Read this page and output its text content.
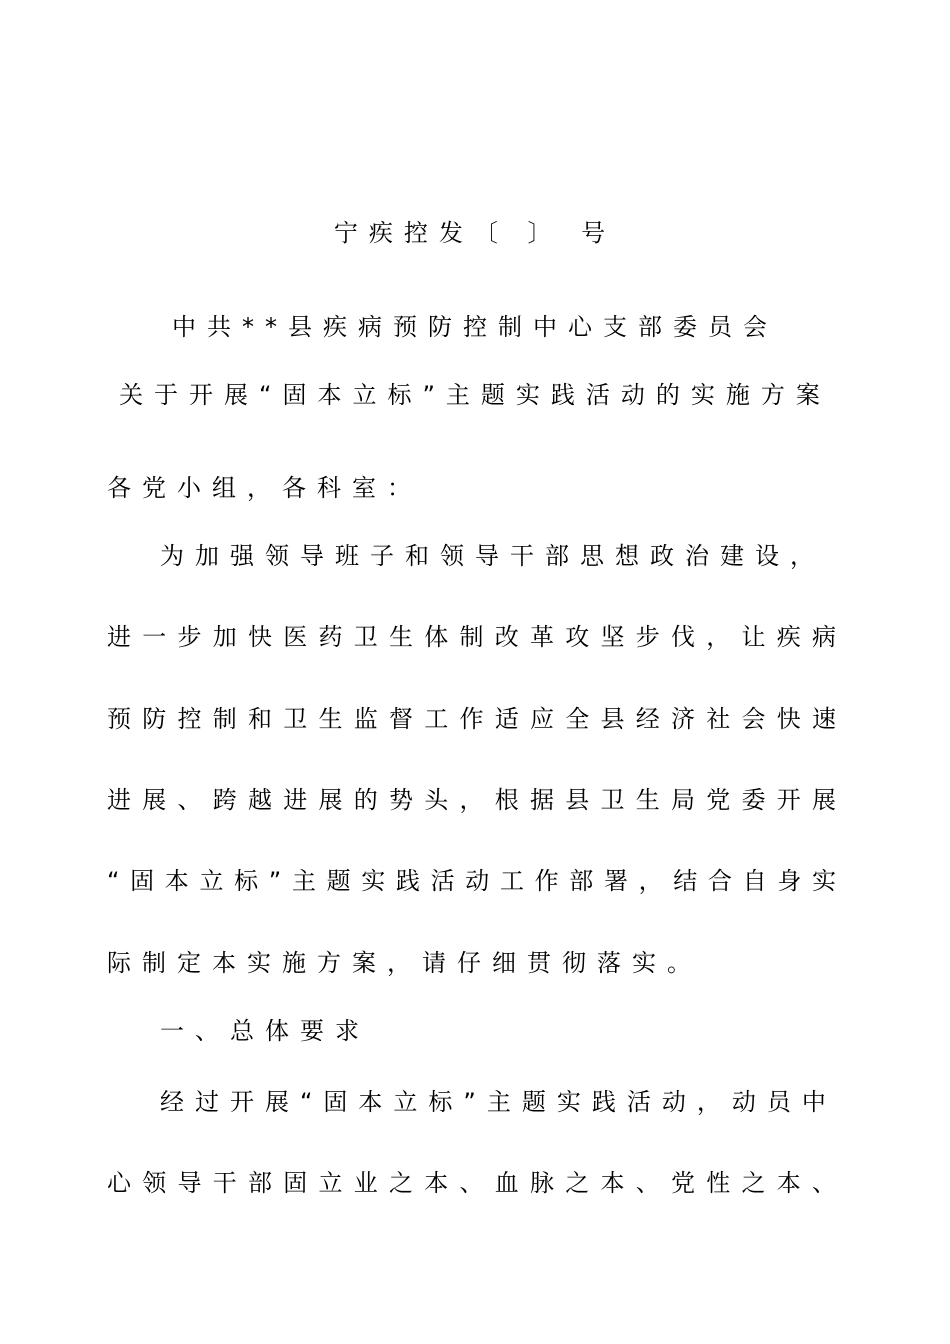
宁疾控发〔 〕 号
中共**县疾病预防控制中心支部委员会
关于开展“固本立标”主题实践活动的实施方案
各党小组，各科室：
为加强领导班子和领导干部思想政治建设，
进 一 步 加 快 医 药 卫 生 体 制 改 革 攻 坚 步 伐 ， 让 疾 病
预 防 控 制 和 卫 生 监 督 工 作 适 应 全 县 经 济 社 会 快 速
进 展 、 跨 越 进 展 的 势 头 ， 根 据 县 卫 生 局 党 委 开 展
“ 固 本 立 标 ” 主 题 实 践 活 动 工 作 部 署 ， 结 合 自 身 实
际制定本实施方案，请仔细贯彻落实。
一、总体要求
经过开展“固本立标”主题实践活动，动员中
心 领 导 干 部 固 立 业 之 本 、 血 脉 之 本 、 党 性 之 本 、
